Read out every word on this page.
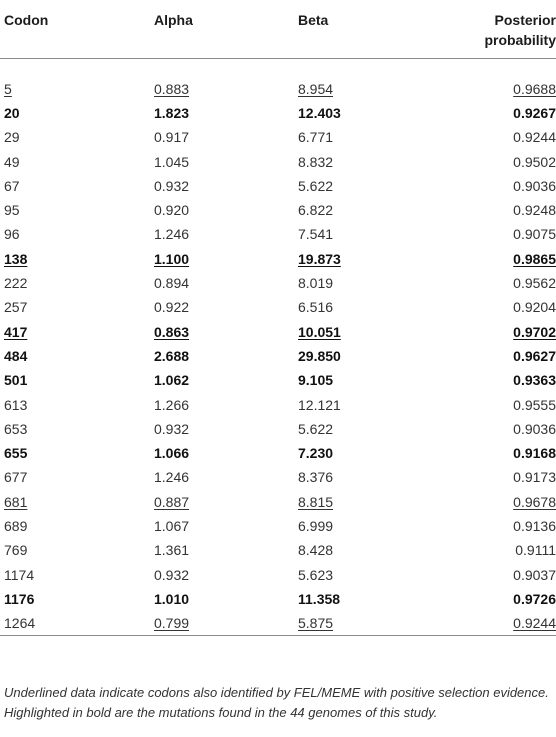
Codon	Alpha	Beta	Posterior
probability

5	0.883	8.954	0.9688
20	1.823	12.403	0.9267
29	0.917	6.771	0.9244
49	1.045	8.832	0.9502
67	0.932	5.622	0.9036
95	0.920	6.822	0.9248
96	1.246	7.541	0.9075
138	1.100	19.873	0.9865
222	0.894	8.019	0.9562
257	0.922	6.516	0.9204
417	0.863	10.051	0.9702
484	2.688	29.850	0.9627
501	1.062	9.105	0.9363
613	1.266	12.121	0.9555
653	0.932	5.622	0.9036
655	1.066	7.230	0.9168
677	1.246	8.376	0.9173
681	0.887	8.815	0.9678
689	1.067	6.999	0.9136
769	1.361	8.428	0.9111
1174	0.932	5.623	0.9037
1176	1.010	11.358	0.9726
1264	0.799	5.875	0.9244
Underlined data indicate codons also identified by FEL/MEME with positive selection evidence. Highlighted in bold are the mutations found in the 44 genomes of this study.
